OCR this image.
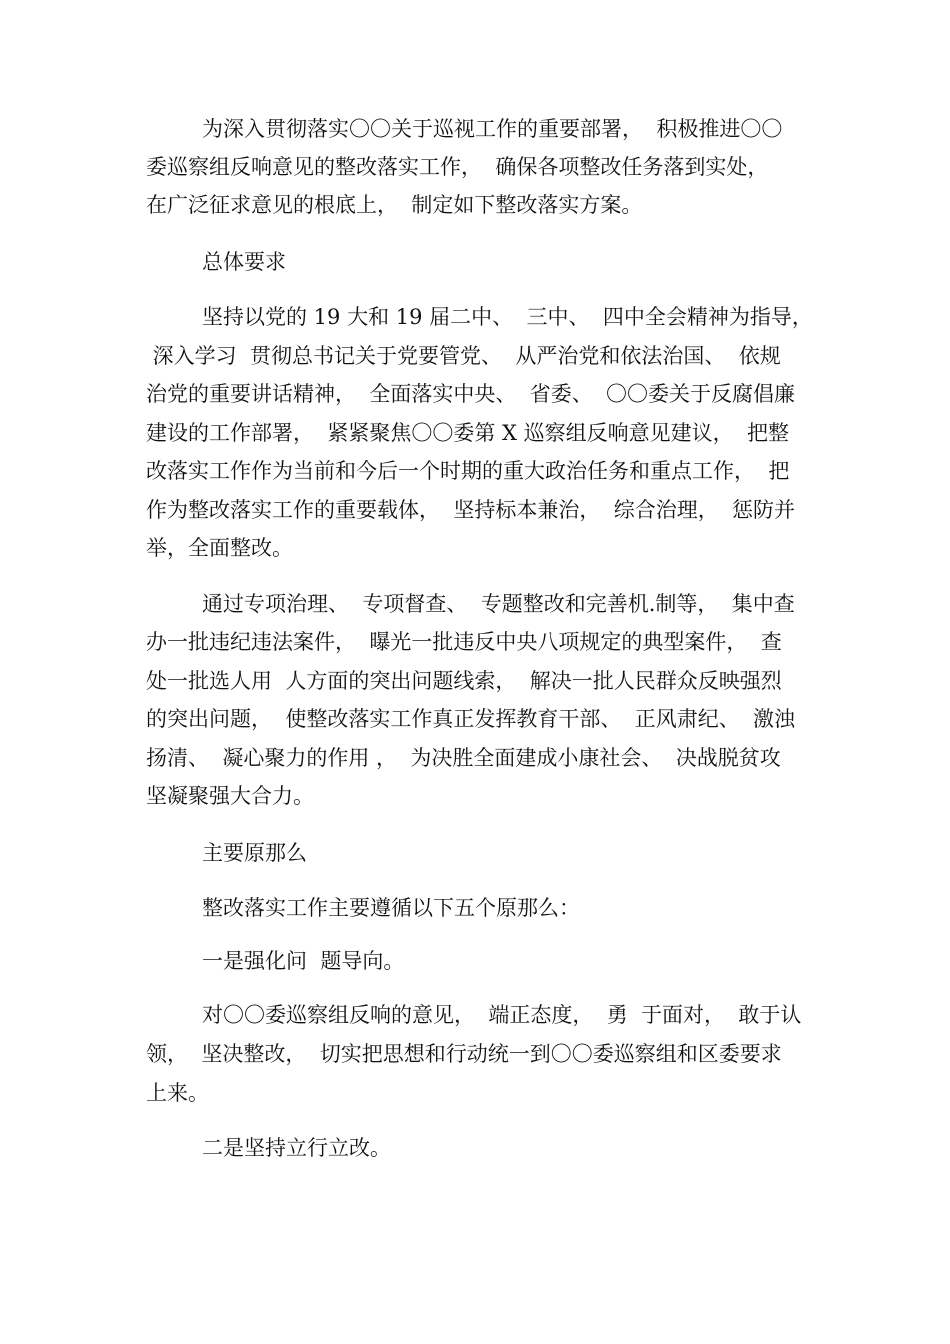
为深入贯彻落实〇〇关于巡视工作的重要部署，  积极推进〇〇
委巡察组反响意见的整改落实工作，  确保各项整改任务落到实处，
在广泛征求意见的根底上，  制定如下整改落实方案。
总体要求
坚持以党的 19 大和 19 届二中、  三中、  四中全会精神为指导，
深入学习  贯彻总书记关于党要管党、  从严治党和依法治国、  依规
治党的重要讲话精神，  全面落实中央、  省委、  〇〇委关于反腐倡廉
建设的工作部署，  紧紧聚焦〇〇委第 X 巡察组反响意见建议，  把整
改落实工作作为当前和今后一个时期的重大政治任务和重点工作，  把
作为整改落实工作的重要载体，  坚持标本兼治，  综合治理，  惩防并
举，全面整改。
通过专项治理、  专项督查、  专题整改和完善机.制等，  集中查
办一批违纪违法案件，  曝光一批违反中央八项规定的典型案件，  查
处一批选人用  人方面的突出问题线索，  解决一批人民群众反映强烈
的突出问题，  使整改落实工作真正发挥教育干部、  正风肃纪、  激浊
扬清、  凝心聚力的作用 ，  为决胜全面建成小康社会、  决战脱贫攻
坚凝聚强大合力。
主要原那么
整改落实工作主要遵循以下五个原那么：
一是强化问  题导向。
对〇〇委巡察组反响的意见，  端正态度，  勇  于面对，  敢于认
领，  坚决整改，  切实把思想和行动统一到〇〇委巡察组和区委要求
上来。
二是坚持立行立改。
